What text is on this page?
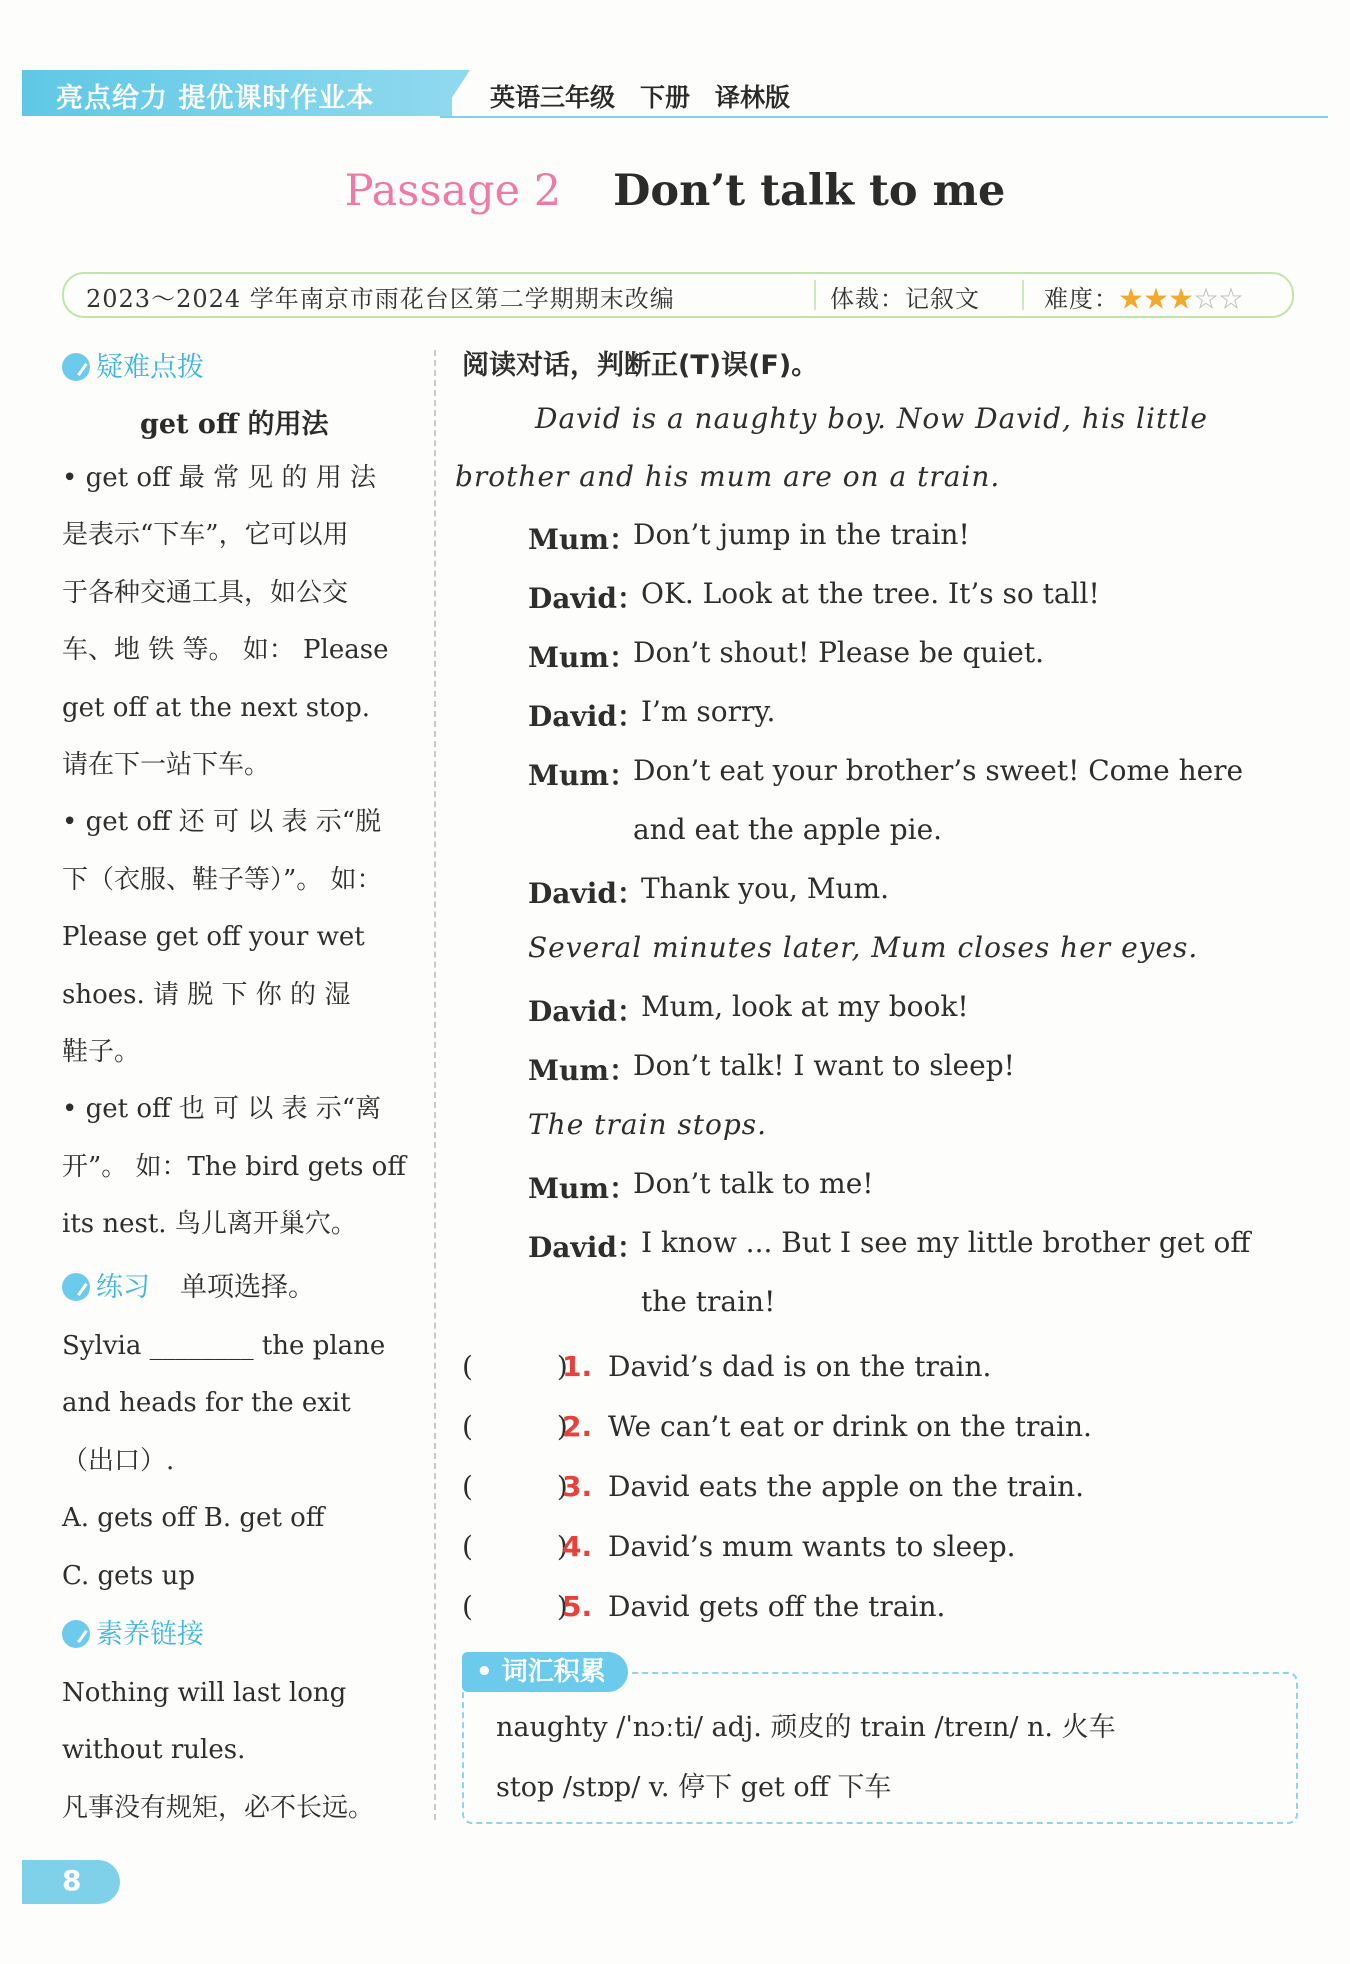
亮点给力 提优课时作业本	英语三年级　下册　译林版
Passage 2 Don’t talk to me
2023～2024 学年南京市雨花台区第二学期期末改编	体裁：记叙文	难度：★★★☆☆
疑难点拨
get off 的用法

• get off 最 常 见 的 用 法

是表示“下车”，它可以用

于各种交通工具，如公交

车、地 铁 等。 如： Please

get off at the next stop.

请在下一站下车。

• get off 还 可 以 表 示“脱

下（衣服、鞋子等）”。 如：

Please get off your wet

shoes. 请 脱 下 你 的 湿

鞋子。

• get off 也 可 以 表 示“离

开”。 如：The bird gets off

its nest. 鸟儿离开巢穴。

练习 单项选择。

Sylvia ________ the plane

and heads for the exit

（出口）.

A. gets off B. get off

C. gets up

素养链接

Nothing will last long

without rules.

凡事没有规矩，必不长远。

阅读对话，判断正(T)误(F)。
David is a naughty boy. Now David, his little
brother and his mum are on a train.
Mum：
Don’t jump in the train!
David：
OK. Look at the tree. It’s so tall!
Mum：
Don’t shout! Please be quiet.
David：
I’m sorry.
Mum：
Don’t eat your brother’s sweet! Come here
and eat the apple pie.
David：
Thank you, Mum.
Several minutes later, Mum closes her eyes.
David：
Mum, look at my book!
Mum：
Don’t talk! I want to sleep!
The train stops.
Mum：
Don’t talk to me!
David：
I know ... But I see my little brother get off
the train!
(   )
1. David’s dad is on the train.
(   )
2. We can’t eat or drink on the train.
(   )
3. David eats the apple on the train.
(   )
4. David’s mum wants to sleep.
(   )
5. David gets off the train.
• 词汇积累
naughty /ˈnɔːti/ adj. 顽皮的 train /treɪn/ n. 火车
stop /stɒp/ v. 停下 get off 下车
8
